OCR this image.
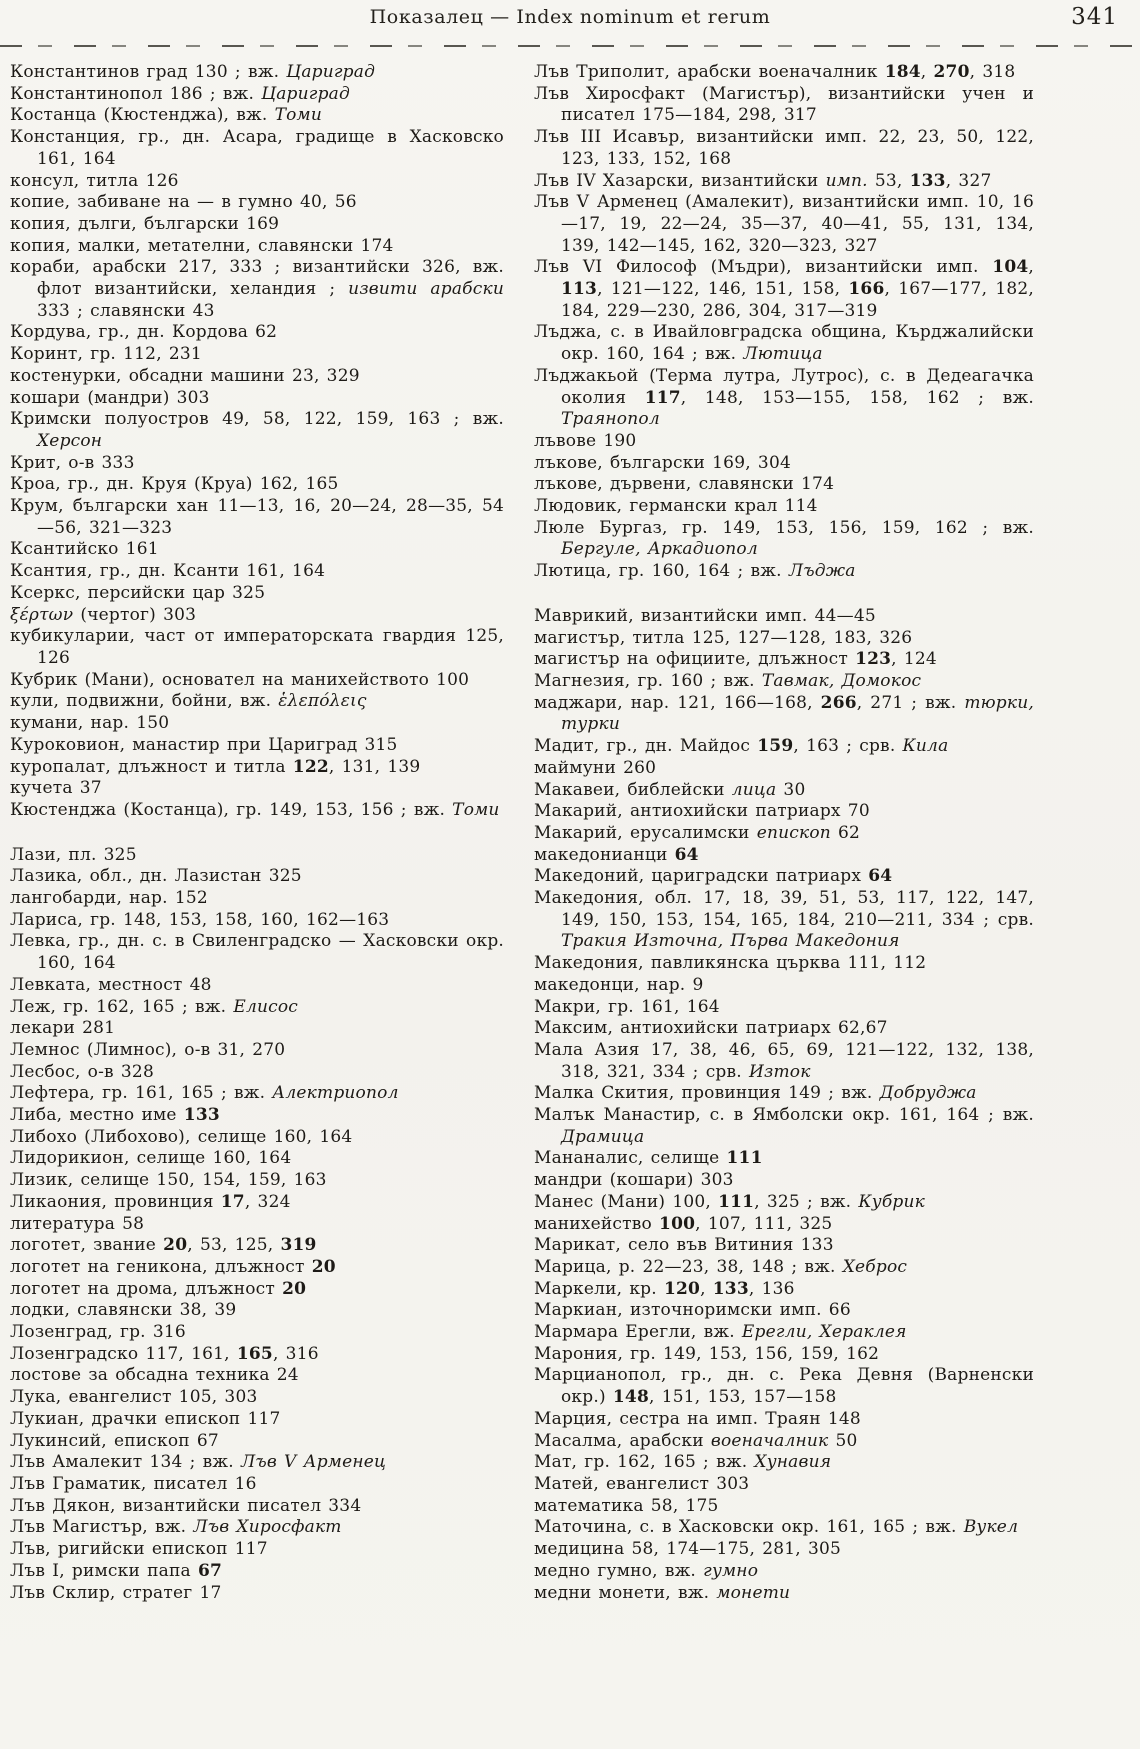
Показалец — Index nominum et rerum	341
Константинов град 130 ; вж. Цариград
Константинопол 186 ; вж. Цариград
Костанца (Кюстенджа), вж. Томи
Констанция, гр., дн. Асара, градище в Хасковско 161, 164
консул, титла 126
копие, забиване на — в гумно 40, 56
копия, дълги, български 169
копия, малки, метателни, славянски 174
кораби, арабски 217, 333 ; византийски 326, вж. флот византийски, хеландия ; извити арабски 333 ; славянски 43
Кордува, гр., дн. Кордова 62
Коринт, гр. 112, 231
костенурки, обсадни машини 23, 329
кошари (мандри) 303
Кримски полуостров 49, 58, 122, 159, 163 ; вж. Херсон
Крит, о-в 333
Кроа, гр., дн. Круя (Круа) 162, 165
Крум, български хан 11—13, 16, 20—24, 28—35, 54—56, 321—323
Ксантийско 161
Ксантия, гр., дн. Ксанти 161, 164
Ксеркс, персийски цар 325
ξέρτων (чертог) 303
кубикуларии, част от императорската гвардия 125, 126
Кубрик (Мани), основател на манихейството 100
кули, подвижни, бойни, вж. ἑλεπόλεις
кумани, нар. 150
Куроковион, манастир при Цариград 315
куропалат, длъжност и титла 122, 131, 139
кучета 37
Кюстенджа (Костанца), гр. 149, 153, 156 ; вж. Томи
Лази, пл. 325
Лазика, обл., дн. Лазистан 325
лангобарди, нар. 152
Лариса, гр. 148, 153, 158, 160, 162—163
Левка, гр., дн. с. в Свиленградско — Хасковски окр. 160, 164
Левката, местност 48
Леж, гр. 162, 165 ; вж. Елисос
лекари 281
Лемнос (Лимнос), о-в 31, 270
Лесбос, о-в 328
Лефтера, гр. 161, 165 ; вж. Алектриопол
Либа, местно име 133
Либохо (Либохово), селище 160, 164
Лидорикион, селище 160, 164
Лизик, селище 150, 154, 159, 163
Ликаония, провинция 17, 324
литература 58
логотет, звание 20, 53, 125, 319
логотет на геникона, длъжност 20
логотет на дрома, длъжност 20
лодки, славянски 38, 39
Лозенград, гр. 316
Лозенградско 117, 161, 165, 316
лостове за обсадна техника 24
Лука, евангелист 105, 303
Лукиан, драчки епископ 117
Лукинсий, епископ 67
Лъв Амалекит 134 ; вж. Лъв V Арменец
Лъв Граматик, писател 16
Лъв Дякон, византийски писател 334
Лъв Магистър, вж. Лъв Хиросфакт
Лъв, ригийски епископ 117
Лъв I, римски папа 67
Лъв Склир, стратег 17
Лъв Триполит, арабски военачалник 184, 270, 318
Лъв Хиросфакт (Магистър), византийски учен и писател 175—184, 298, 317
Лъв III Исавър, византийски имп. 22, 23, 50, 122, 123, 133, 152, 168
Лъв IV Хазарски, византийски имп. 53, 133, 327
Лъв V Арменец (Амалекит), византийски имп. 10, 16—17, 19, 22—24, 35—37, 40—41, 55, 131, 134, 139, 142—145, 162, 320—323, 327
Лъв VI Философ (Мъдри), византийски имп. 104, 113, 121—122, 146, 151, 158, 166, 167—177, 182, 184, 229—230, 286, 304, 317—319
Лъджа, с. в Ивайловградска община, Кърджалийски окр. 160, 164 ; вж. Лютица
Лъджакьой (Терма лутра, Лутрос), с. в Дедеагачка околия 117, 148, 153—155, 158, 162 ; вж. Траянопол
лъвове 190
лъкове, български 169, 304
лъкове, дървени, славянски 174
Людовик, германски крал 114
Люле Бургаз, гр. 149, 153, 156, 159, 162 ; вж. Бергуле, Аркадиопол
Лютица, гр. 160, 164 ; вж. Лъджа
Маврикий, византийски имп. 44—45
магистър, титла 125, 127—128, 183, 326
магистър на официите, длъжност 123, 124
Магнезия, гр. 160 ; вж. Тавмак, Домокос
маджари, нар. 121, 166—168, 266, 271 ; вж. тюрки, турки
Мадит, гр., дн. Майдос 159, 163 ; срв. Кила
маймуни 260
Макавеи, библейски лица 30
Макарий, антиохийски патриарх 70
Макарий, ерусалимски епископ 62
македонианци 64
Македоний, цариградски патриарх 64
Македония, обл. 17, 18, 39, 51, 53, 117, 122, 147, 149, 150, 153, 154, 165, 184, 210—211, 334 ; срв. Тракия Източна, Първа Македония
Македония, павликянска църква 111, 112
македонци, нар. 9
Макри, гр. 161, 164
Максим, антиохийски патриарх 62,67
Мала Азия 17, 38, 46, 65, 69, 121—122, 132, 138, 318, 321, 334 ; срв. Изток
Малка Скития, провинция 149 ; вж. Добруджа
Малък Манастир, с. в Ямболски окр. 161, 164 ; вж. Драмица
Мананалис, селище 111
мандри (кошари) 303
Манес (Мани) 100, 111, 325 ; вж. Кубрик
манихейство 100, 107, 111, 325
Марикат, село във Витиния 133
Марица, р. 22—23, 38, 148 ; вж. Хеброс
Маркели, кр. 120, 133, 136
Маркиан, източноримски имп. 66
Мармара Ерегли, вж. Ерегли, Хераклея
Марония, гр. 149, 153, 156, 159, 162
Марцианопол, гр., дн. с. Река Девня (Варненски окр.) 148, 151, 153, 157—158
Марция, сестра на имп. Траян 148
Масалма, арабски военачалник 50
Мат, гр. 162, 165 ; вж. Хунавия
Матей, евангелист 303
математика 58, 175
Маточина, с. в Хасковски окр. 161, 165 ; вж. Вукел
медицина 58, 174—175, 281, 305
медно гумно, вж. гумно
медни монети, вж. монети
